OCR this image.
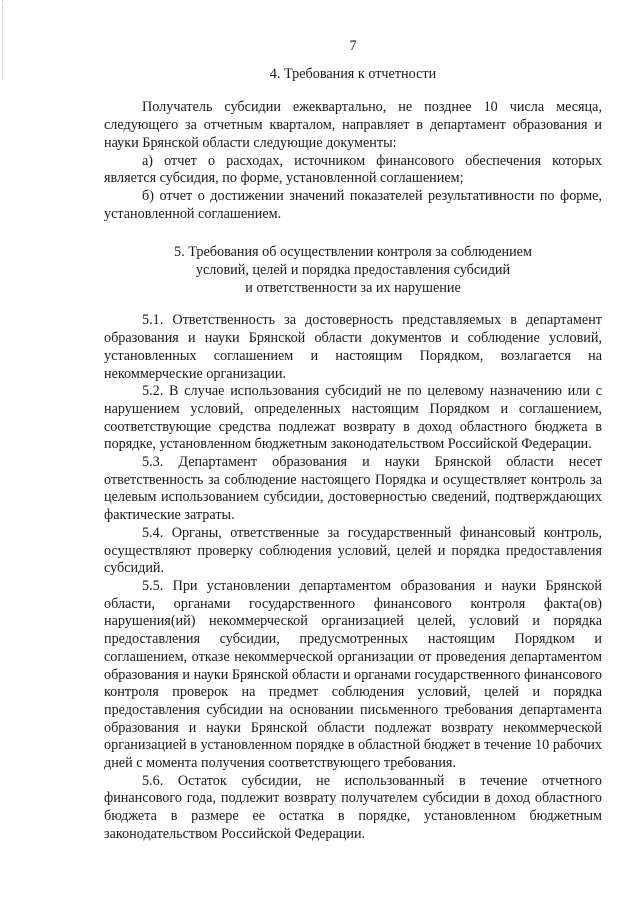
7
4. Требования к отчетности

Получатель субсидии ежеквартально, не позднее 10 числа месяца, следующего за отчетным кварталом, направляет в департамент образования и науки Брянской области следующие документы:

а) отчет о расходах, источником финансового обеспечения которых является субсидия, по форме, установленной соглашением;

б) отчет о достижении значений показателей результативности по форме, установленной соглашением.

5. Требования об осуществлении контроля за соблюдением
условий, целей и порядка предоставления субсидий
и ответственности за их нарушение

5.1. Ответственность за достоверность представляемых в департамент образования и науки Брянской области документов и соблюдение условий, установленных соглашением и настоящим Порядком, возлагается на некоммерческие организации.

5.2. В случае использования субсидий не по целевому назначению или с нарушением условий, определенных настоящим Порядком и соглашением, соответствующие средства подлежат возврату в доход областного бюджета в порядке, установленном бюджетным законодательством Российской Федерации.

5.3. Департамент образования и науки Брянской области несет ответственность за соблюдение настоящего Порядка и осуществляет контроль за целевым использованием субсидии, достоверностью сведений, подтверждающих фактические затраты.

5.4. Органы, ответственные за государственный финансовый контроль, осуществляют проверку соблюдения условий, целей и порядка предоставления субсидий.

5.5. При установлении департаментом образования и науки Брянской области, органами государственного финансового контроля факта(ов) нарушения(ий) некоммерческой организацией целей, условий и порядка предоставления субсидии, предусмотренных настоящим Порядком и соглашением, отказе некоммерческой организации от проведения департаментом образования и науки Брянской области и органами государственного финансового контроля проверок на предмет соблюдения условий, целей и порядка предоставления субсидии на основании письменного требования департамента образования и науки Брянской области подлежат возврату некоммерческой организацией в установленном порядке в областной бюджет в течение 10 рабочих дней с момента получения соответствующего требования.

5.6. Остаток субсидии, не использованный в течение отчетного финансового года, подлежит возврату получателем субсидии в доход областного бюджета в размере ее остатка в порядке, установленном бюджетным законодательством Российской Федерации.
